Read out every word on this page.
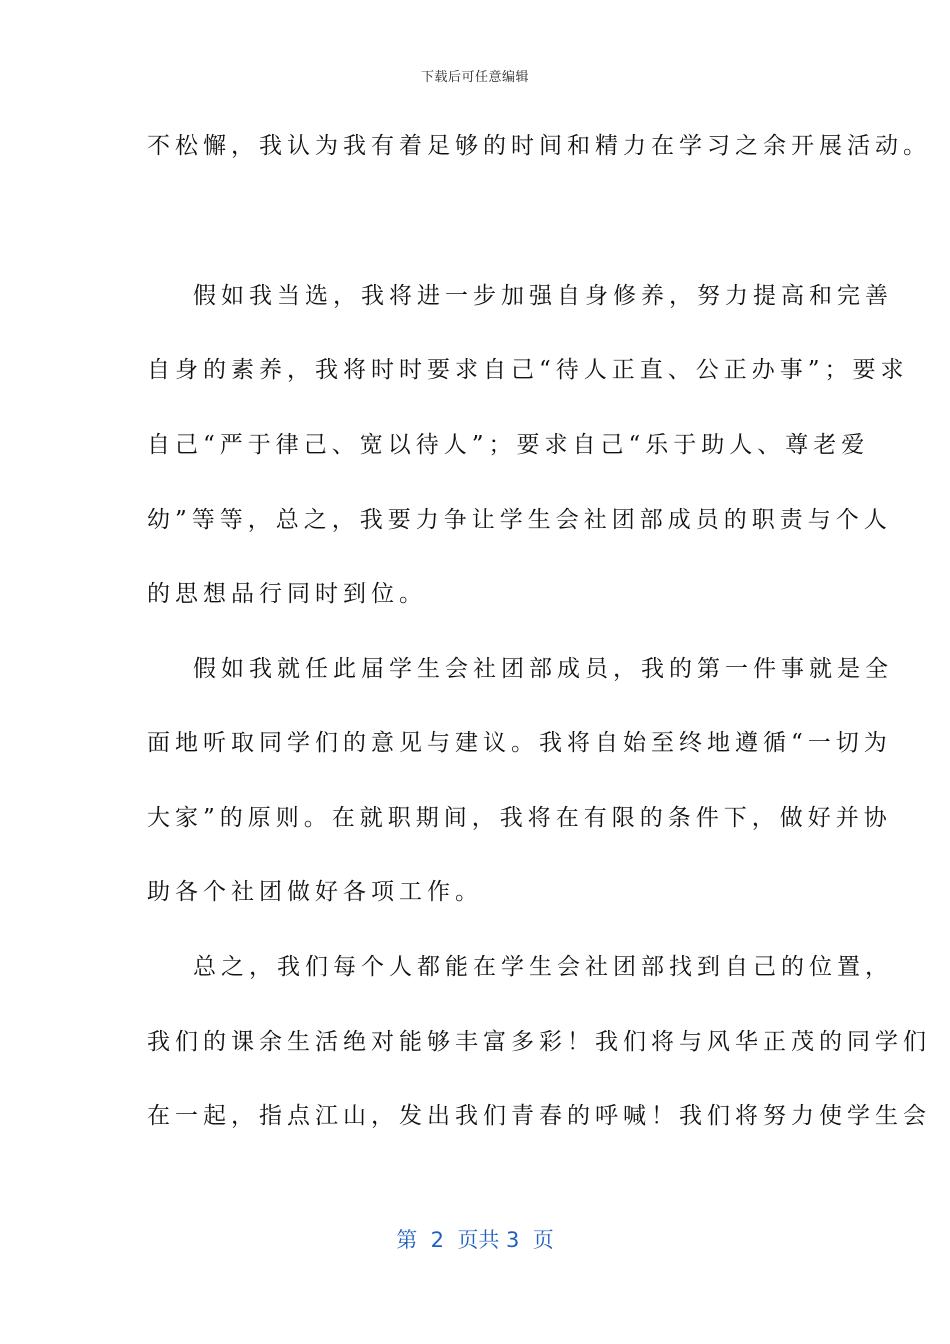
下载后可任意编辑
不松懈，我认为我有着足够的时间和精力在学习之余开展活动。
假如我当选，我将进一步加强自身修养，努力提高和完善
自身的素养，我将时时要求自己“待人正直、公正办事”；要求
自己“严于律己、宽以待人”；要求自己“乐于助人、尊老爱
幼”等等，总之，我要力争让学生会社团部成员的职责与个人
的思想品行同时到位。
假如我就任此届学生会社团部成员，我的第一件事就是全
面地听取同学们的意见与建议。我将自始至终地遵循“一切为
大家”的原则。在就职期间，我将在有限的条件下，做好并协
助各个社团做好各项工作。
总之，我们每个人都能在学生会社团部找到自己的位置，
我们的课余生活绝对能够丰富多彩！我们将与风华正茂的同学们
在一起，指点江山，发出我们青春的呼喊！我们将努力使学生会
第  2  页共 3  页
